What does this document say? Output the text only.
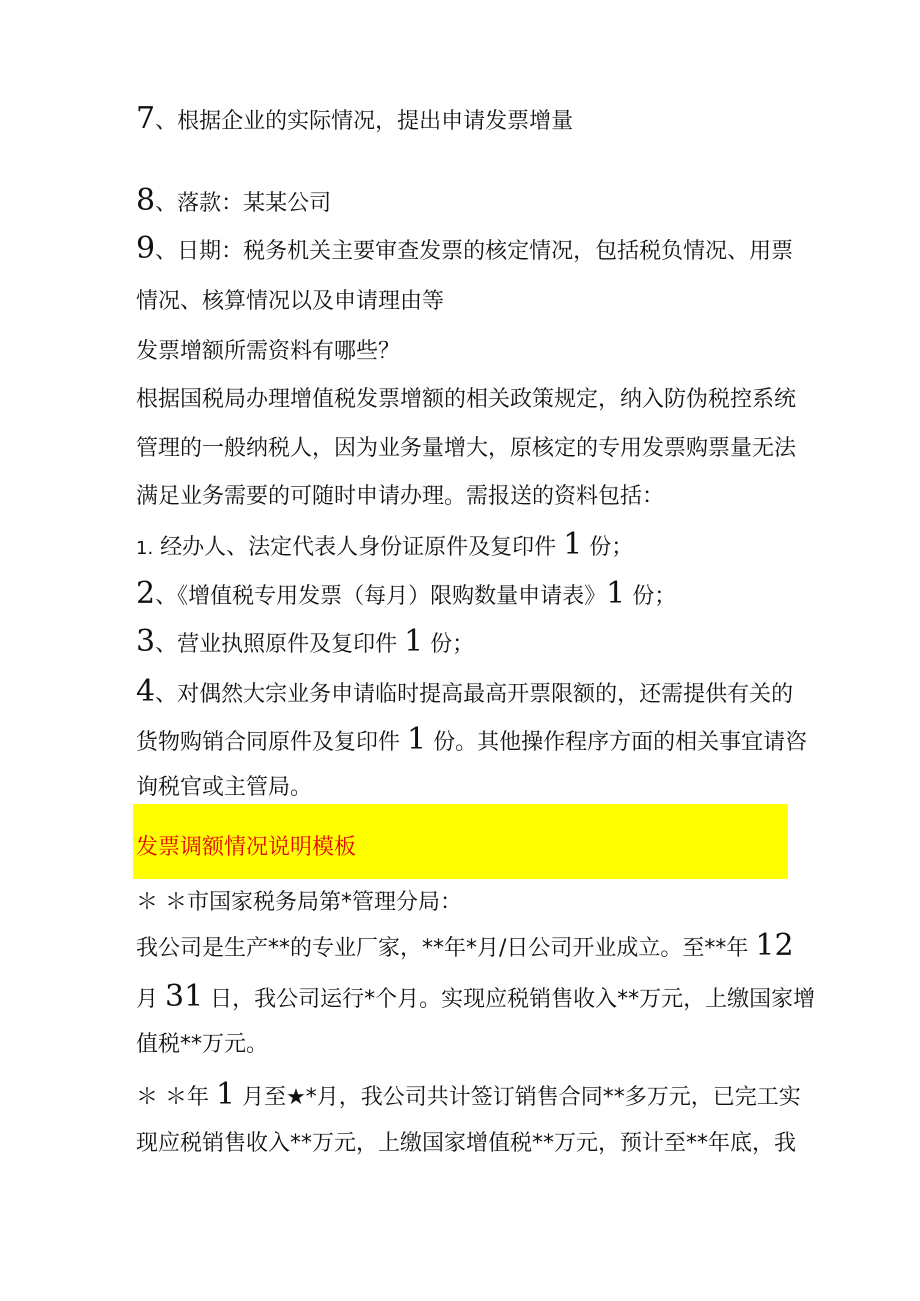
7、根据企业的实际情况，提出申请发票增量
8、落款：某某公司
9、日期：税务机关主要审查发票的核定情况，包括税负情况、用票
情况、核算情况以及申请理由等
发票增额所需资料有哪些？
根据国税局办理增值税发票增额的相关政策规定，纳入防伪税控系统
管理的一般纳税人，因为业务量增大，原核定的专用发票购票量无法
满足业务需要的可随时申请办理。需报送的资料包括：
1. 经办人、法定代表人身份证原件及复印件 1 份；
2、《增值税专用发票（每月）限购数量申请表》1 份；
3、营业执照原件及复印件 1 份；
4、对偶然大宗业务申请临时提高最高开票限额的，还需提供有关的
货物购销合同原件及复印件 1 份。其他操作程序方面的相关事宜请咨
询税官或主管局。
发票调额情况说明模板
＊ ＊市国家税务局第*管理分局：
我公司是生产**的专业厂家，**年*月/日公司开业成立。至**年 12
月 31 日，我公司运行*个月。实现应税销售收入**万元，上缴国家增
值税**万元。
＊ ＊年 1 月至★*月，我公司共计签订销售合同**多万元，已完工实
现应税销售收入**万元，上缴国家增值税**万元，预计至**年底，我
